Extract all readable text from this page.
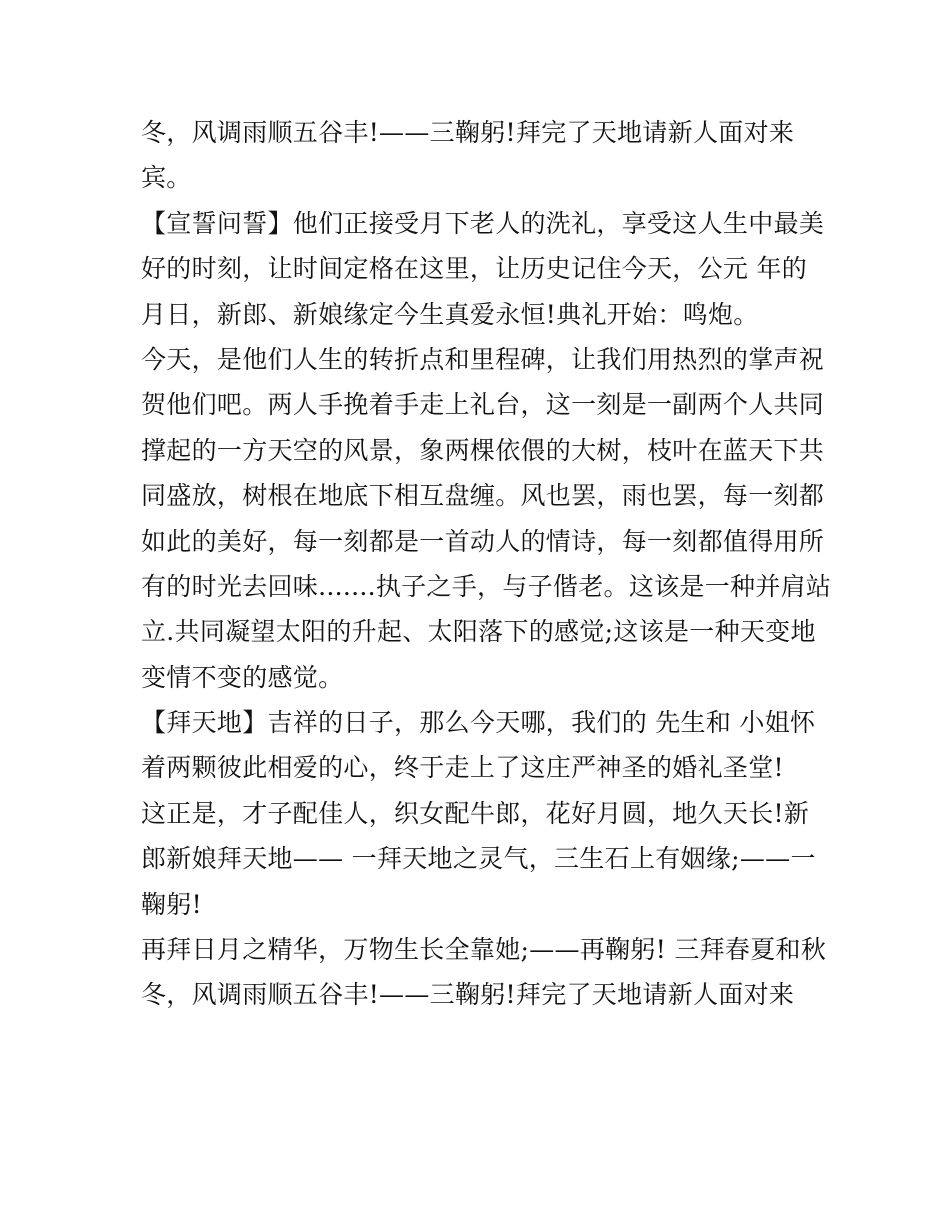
冬，风调雨顺五谷丰!——三鞠躬!拜完了天地请新人面对来
宾。
【宣誓问誓】他们正接受月下老人的洗礼，享受这人生中最美
好的时刻，让时间定格在这里，让历史记住今天，公元 年的
月日，新郎、新娘缘定今生真爱永恒!典礼开始：鸣炮。
今天，是他们人生的转折点和里程碑，让我们用热烈的掌声祝
贺他们吧。两人手挽着手走上礼台，这一刻是一副两个人共同
撑起的一方天空的风景，象两棵依偎的大树，枝叶在蓝天下共
同盛放，树根在地底下相互盘缠。风也罢，雨也罢，每一刻都
如此的美好，每一刻都是一首动人的情诗，每一刻都值得用所
有的时光去回味.......执子之手，与子偕老。这该是一种并肩站
立.共同凝望太阳的升起、太阳落下的感觉;这该是一种天变地
变情不变的感觉。
【拜天地】吉祥的日子，那么今天哪，我们的 先生和 小姐怀
着两颗彼此相爱的心，终于走上了这庄严神圣的婚礼圣堂!
这正是，才子配佳人，织女配牛郎，花好月圆，地久天长!新
郎新娘拜天地—— 一拜天地之灵气，三生石上有姻缘;——一
鞠躬!
再拜日月之精华，万物生长全靠她;——再鞠躬! 三拜春夏和秋
冬，风调雨顺五谷丰!——三鞠躬!拜完了天地请新人面对来
